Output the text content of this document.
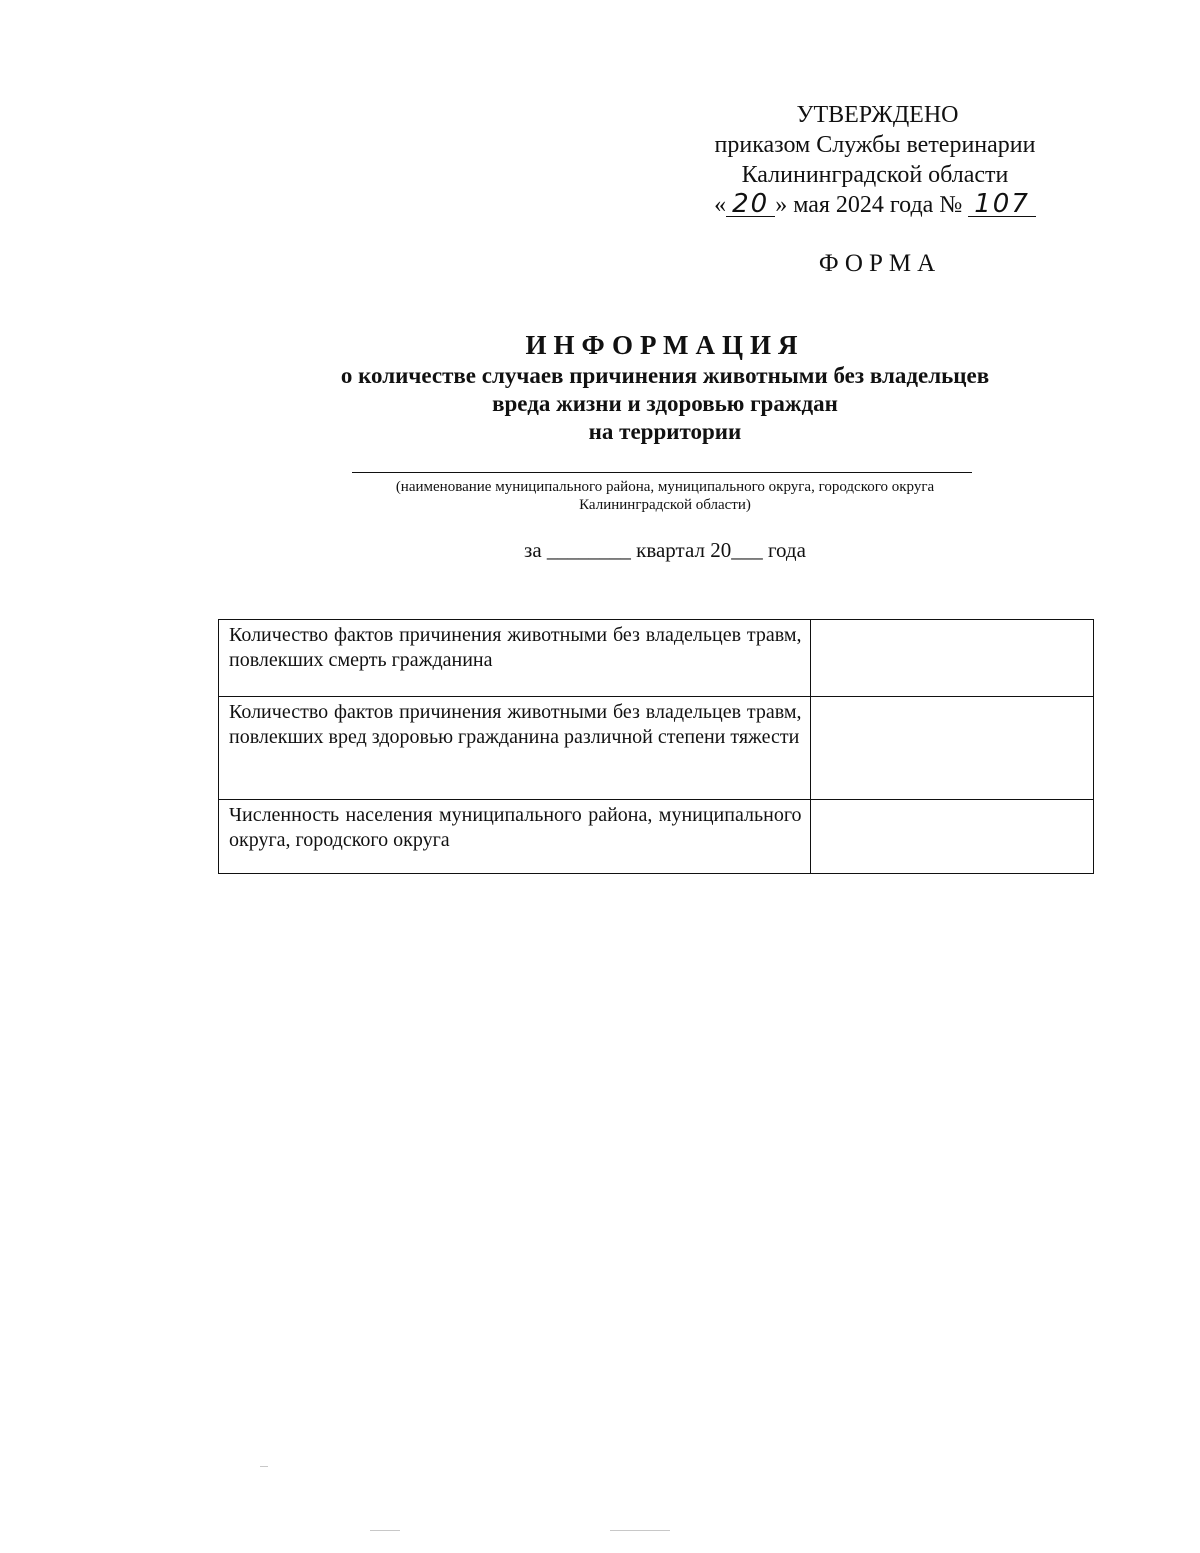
УТВЕРЖДЕНО
приказом Службы ветеринарии
Калининградской области
« 20 » мая 2024 года № 107
ФОРМА
ИНФОРМАЦИЯ
о количестве случаев причинения животными без владельцев
вреда жизни и здоровью граждан
на территории
(наименование муниципального района, муниципального округа, городского округа
Калининградской области)
за ________ квартал 20___ года
Количество фактов причинения животными без владельцев травм, повлекших смерть гражданина	
Количество фактов причинения животными без владельцев травм, повлекших вред здоровью гражданина различной степени тяжести	
Численность населения муниципального района, муниципального округа, городского округа	
